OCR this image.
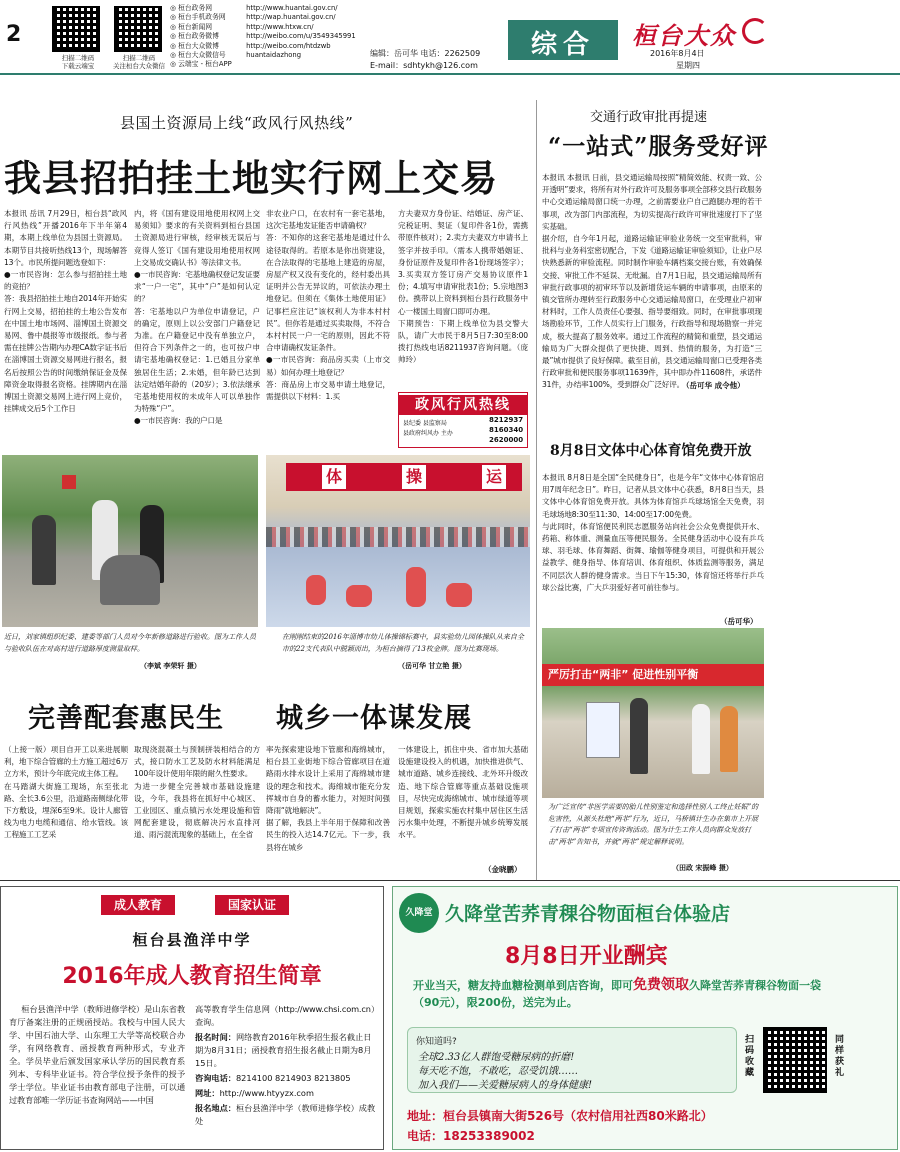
2
扫描二维码
下载云端宝
扫描二维码
关注桓台大众微信
◎ 桓台政务网	http://www.huantai.gov.cn/
◎ 桓台手机政务网	http://wap.huantai.gov.cn/
◎ 桓台新闻网	http://www.htxw.cn/
◎ 桓台政务微博	http://weibo.com/u/3549345991
◎ 桓台大众微博	http://weibo.com/htdzwb
◎ 桓台大众微信号	huantaidazhong
◎ 云端宝 - 桓台APP
编辑：岳可华 电话：2262509
E-mail：sdhtykh@126.com
综合	桓台大众
2016年8月4日
星期四
县国土资源局上线“政风行风热线”
我县招拍挂土地实行网上交易
本报讯 岳讯 7月29日，桓台县“政风行风热线”开播2016年下半年第4期，本期上线单位为县国土资源局。本期节目共接听热线13个，现场解答13个。市民所提问题选登如下：
●一市民咨询：怎么参与招拍挂土地的竞拍？
答：我县招拍挂土地自2014年开始实行网上交易，招拍挂的土地公告发布在中国土地市场网、淄博国土资源交易网、鲁中晨报等市级报纸。参与者需在挂牌公告期内办理CA数字证书后在淄博国土资源交易网进行报名，报名后按照公告的时间缴纳保证金及保障资金取得报名资格。挂牌期内在淄博国土资源交易网上进行网上竞价，挂牌成交后5个工作日
内，将《国有建设用地使用权网上交易须知》要求的有关资料到桓台县国土资源局进行审核，经审核无误后与竞得人签订《国有建设用地使用权网上交易成交确认书》等法律文书。
●一市民咨询：宅基地确权登记发证要求“一户一宅”，其中“户”是如何认定的？
答：宅基地以户为单位申请登记，户的确定，原则上以公安部门户籍登记为准。在户籍登记中没有单独立户，但符合下列条件之一的，也可按户申请宅基地确权登记：1.已婚且分家单独居住生活；2.未婚，但年龄已达到法定结婚年龄的（20岁）；3.依法继承宅基地使用权的未成年人可以单独作为特殊“户”。
●一市民咨询：我的户口是
非农业户口，在农村有一套宅基地，这次宅基地发证能否申请确权？
答：不知你的这套宅基地是通过什么途径取得的。若原本是你出资建设，在合法取得的宅基地上建造的房屋，房屋产权又没有变化的，经村委出具证明并公告无异议的，可依法办理土地登记。但须在《集体土地使用证》记事栏应注记“该权利人为非本村村民”。但你若是通过买卖取得，不符合本村村民一户一宅的原则，因此不符合申请确权发证条件。
●一市民咨询：商品房买卖（上市交易）如何办理土地登记？
答：商品房上市交易申请土地登记，需提供以下材料：1.买
方夫妻双方身份证、结婚证、房产证、完税证明、契证（复印件各1份，需携带原件核对）；2.卖方夫妻双方申请书上签字并按手印。（需本人携带婚姻证、身份证原件及复印件各1份现场签字）；3.买卖双方签订房产交易协议原件1份；4.填写申请审批表1份；5.宗地图3份。携带以上资料到桓台县行政服务中心一楼国土局窗口即可办理。
下期预告：下期上线单位为县交警大队，请广大市民于8月5日7:30至8:00拨打热线电话8211937咨询问题。（庞帅玲）
政风行风热线
县纪委 县监察局
县政府纠风办 主办
8212937
8160340
2620000
近日，刘家镇组织纪委、建委等部门人员对今年新修道路进行验收。图为工作人员与验收队伍在对高村进行道路厚度测量取样。
（李斌 李荣轩 摄）
体	操	运
在刚刚结束的2016年淄博市幼儿体操锦标赛中，县实验幼儿园体操队从来自全市的22支代表队中脱颖而出，为桓台摘得了13枚金牌。图为比赛现场。
（岳可华 甘立艳 摄）
交通行政审批再提速
“一站式”服务受好评
本报讯 本报讯 日前，县交通运输局按照“精简效能、权责一致、公开透明”要求，将所有对外行政许可及服务事项全部移交县行政服务中心交通运输局窗口统一办理，之前需要业户自己跑腿办理的若干事项，改为部门内部流程，为切实提高行政许可审批速度打下了坚实基础。
据介绍，自今年1月起，道路运输证审验业务统一交至审批科，审批科与业务科室密切配合，下发《道路运输证审验须知》，让业户尽快熟悉新的审验流程。同时制作审验车辆档案交接台账，有效确保交接、审批工作不延误、无纰漏。自7月1日起，县交通运输局所有审批行政事项的初审环节以及新增货运车辆的申请事项，由原来的镇交管所办理转至行政服务中心交通运输局窗口，在受理业户初审材料时，工作人员责任心要强、指导要细致。同时，在审批事项现场勘验环节，工作人员实行上门服务，行政指导和现场勘察一并完成，极大提高了服务效率。通过工作流程的精简和重塑，县交通运输局为广大群众提供了更快捷、周到、热情的服务，为打造“三最”城市提供了良好保障。截至目前，县交通运输局窗口已受理各类行政审批和便民服务事项11639件，其中即办件11608件，承诺件31件，办结率100%，受到群众广泛好评。
（岳可华 成令他）
8月8日文体中心体育馆免费开放
本报讯 8月8日是全国“全民健身日”，也是今年“文体中心体育馆启用7周年纪念日”。昨日，记者从县文体中心获悉，8月8日当天，县文体中心体育馆免费开放。具体为体育馆乒乓球场馆全天免费，羽毛球场地8:30至11:30、14:00至17:00免费。
与此同时，体育馆便民利民志愿服务站向社会公众免费提供开水、药箱、称体重、测量血压等便民服务。全民健身活动中心设有乒乓球、羽毛球、体育舞蹈、街舞、瑜伽等健身项目，可提供和开展公益教学、健身指导、体育培训、体育组织、体质监测等服务，满足不同层次人群的健身需求。当日下午15:30，体育馆还将举行乒乓球公益比赛，广大乒羽爱好者可前往参与。
（岳可华）
严厉打击“两非” 促进性别平衡
为广泛宣传“非医学需要的胎儿性别鉴定和选择性别人工终止妊娠”的危害性，从源头杜绝“两非”行为，近日，马桥镇计生办在集市上开展了打击“两非”专项宣传咨询活动。图为计生工作人员向群众发放打击“两非”告知书，并就“两非”规定解释说明。
（田政 宋振峰 摄）
完善配套惠民生 城乡一体谋发展
（上接一版）项目自开工以来进展顺利，地下综合管廊的土方施工超过6万立方米，预计今年底完成主体工程。
在马踏湖大街施工现场，东至张北路、全长3.6公里，沿道路南侧绿化带下方敷设，埋深6至9米。设计人廊管线为电力电缆和通信、给水管线。该工程施工工艺采
取现浇混凝土与预制拼装相结合的方式，接口防水工艺及防水材料能满足100年设计使用年限的耐久性要求。
为进一步健全完善城市基础设施建设，今年，我县将在抓好中心城区、工业园区、重点镇污水处理设施和管网配套建设，彻底解决污水直排河道、雨污混流现象的基础上，在全省
率先探索建设地下管廊和海绵城市，桓台县工业街地下综合管廊项目在道路雨水排水设计上采用了海绵城市建设的理念和技术。海绵城市能充分发挥城市自身的蓄水能力，对短时间强降雨“就地解决”。
据了解，我县上半年用于保障和改善民生的投入达14.7亿元。下一步，我县将在城乡
一体建设上，抓住中央、省市加大基础设施建设投入的机遇，加快推进供气、城市道路、城乡连接线、北外环升级改造、地下综合管廊等重点基础设施项目，尽快完成海绵城市、城市绿道等项目规划，探索实施农村集中居住区生活污水集中处理，不断提升城乡统筹发展水平。
（金晓鹏）
成人教育	国家认证
桓台县渔洋中学
2016年成人教育招生简章
桓台县渔洋中学（教师进修学校）是山东省教育厅备案注册的正规函授站。我校与中国人民大学、中国石油大学、山东理工大学等高校联合办学，有网络教育、函授教育两种形式，专业齐全。学员毕业后颁发国家承认学历的国民教育系列本、专科毕业证书。符合学位授予条件的授予学士学位。毕业证书由教育部电子注册，可以通过教育部唯一学历证书查询网站——中国
高等教育学生信息网（http://www.chsi.com.cn）查询。
报名时间：网络教育2016年秋季招生报名截止日期为8月31日；函授教育招生报名截止日期为8月15日。
咨询电话：8214100 8214903 8213805
网址：http://www.htyyzx.com
报名地点：桓台县渔洋中学（教师进修学校）成教处
久降堂 久降堂苦荞青稞谷物面桓台体验店
8月8日开业酬宾
开业当天，糖友持血糖检测单到店咨询，即可免费领取久降堂苦荞青稞谷物面一袋（90元），限200份，送完为止。
你知道吗?
全球2.33亿人群饱受糖尿病的折磨!
每天吃不饱，不敢吃，忍受饥饿……
加入我们——关爱糖尿病人的身体健康!
扫码收藏
同样获礼
地址：桓台县镇南大街526号（农村信用社西80米路北）
电话：18253389002
